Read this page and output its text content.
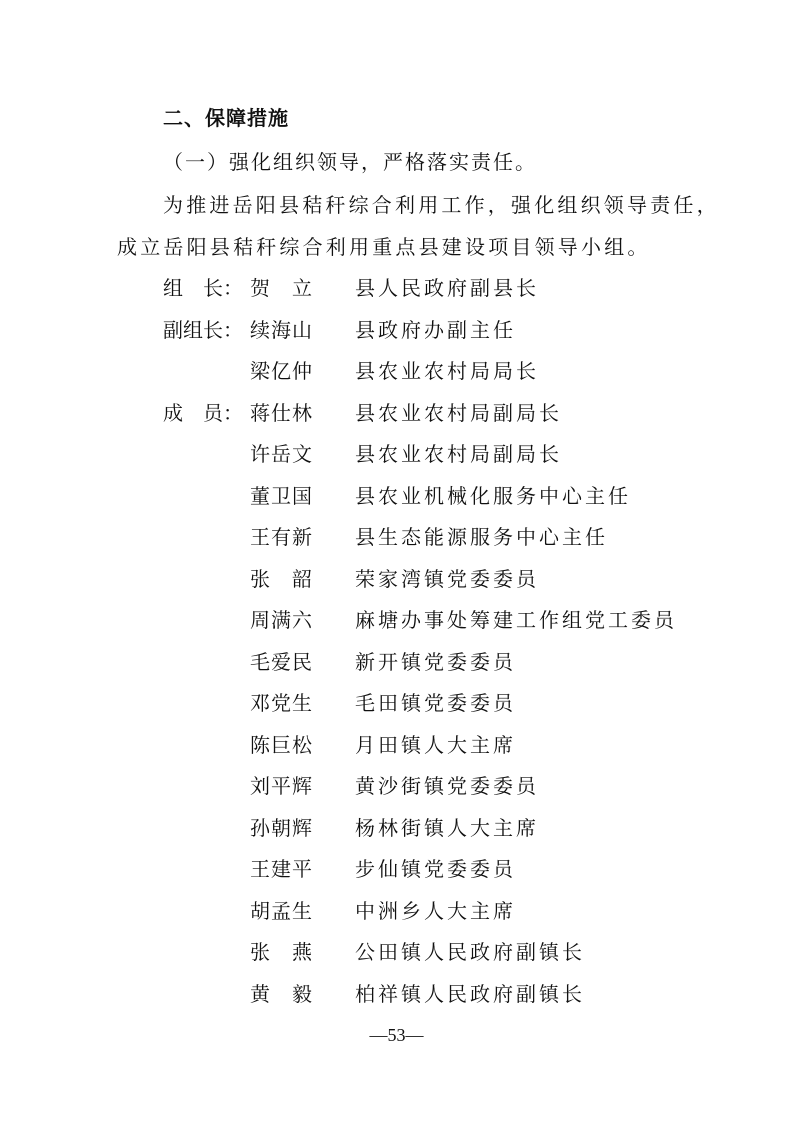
二、保障措施
（一）强化组织领导，严格落实责任。
为推进岳阳县秸秆综合利用工作，强化组织领导责任，
成立岳阳县秸秆综合利用重点县建设项目领导小组。
组　长： 贺　立 县人民政府副县长
副组长： 续海山 县政府办副主任
梁亿仲 县农业农村局局长
成　员： 蒋仕林 县农业农村局副局长
许岳文 县农业农村局副局长
董卫国 县农业机械化服务中心主任
王有新 县生态能源服务中心主任
张　韶 荣家湾镇党委委员
周满六 麻塘办事处筹建工作组党工委员
毛爱民 新开镇党委委员
邓党生 毛田镇党委委员
陈巨松 月田镇人大主席
刘平辉 黄沙街镇党委委员
孙朝辉 杨林街镇人大主席
王建平 步仙镇党委委员
胡孟生 中洲乡人大主席
张　燕 公田镇人民政府副镇长
黄　毅 柏祥镇人民政府副镇长
—53—
